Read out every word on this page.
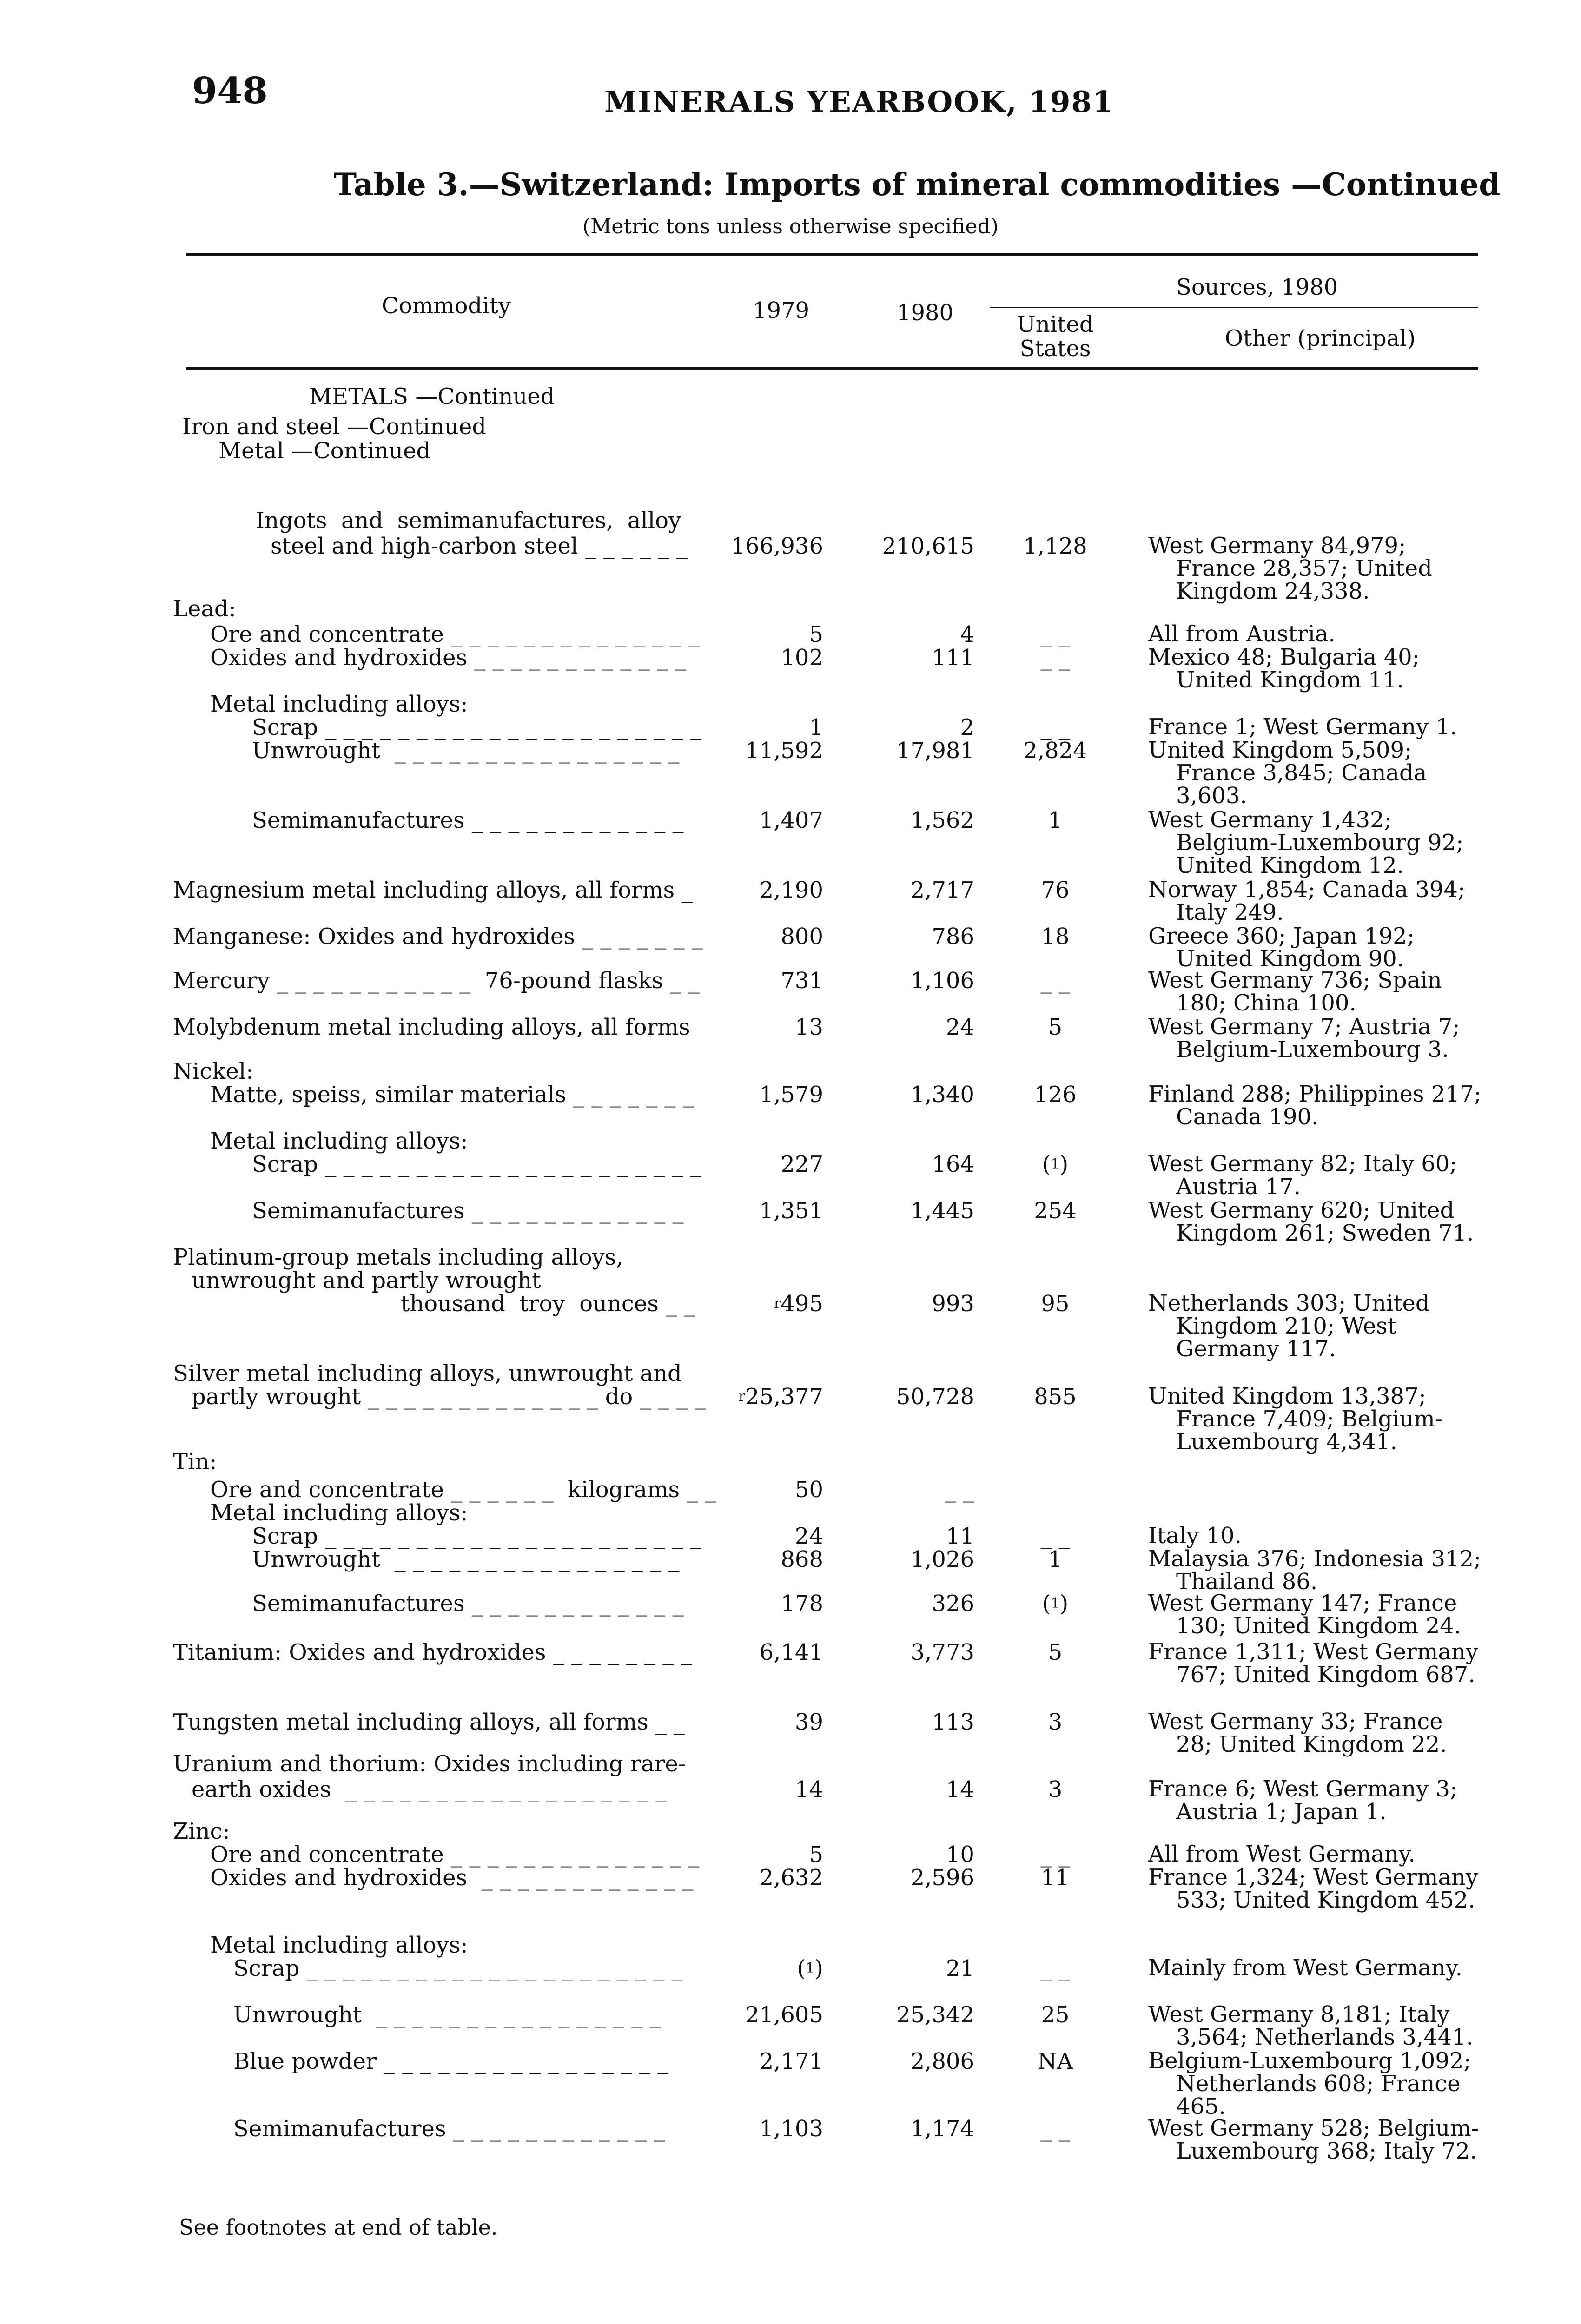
948	MINERALS YEARBOOK, 1981
Table 3.—Switzerland: Imports of mineral commodities —Continued
(Metric tons unless otherwise specified)
Commodity	1979	1980
Sources, 1980
United States	Other (principal)
METALS —Continued
Iron and steel —Continued
Metal —Continued
Ingots  and  semimanufactures,  alloy
steel and high-carbon steel _ _ _ _ _ _ 166,936	210,615	1,128	West Germany 84,979; France 28,357; United Kingdom 24,338.
Lead:
Ore and concentrate _ _ _ _ _ _ _ _ _ _ _ _ _ _	5	4	_ _	All from Austria.
Oxides and hydroxides _ _ _ _ _ _ _ _ _ _ _ _	102	111	_ _	Mexico 48; Bulgaria 40; United Kingdom 11.
Metal including alloys:
Scrap _ _ _ _ _ _ _ _ _ _ _ _ _ _ _ _ _ _ _ _ _	1	2	_ _	France 1; West Germany 1.
Unwrought  _ _ _ _ _ _ _ _ _ _ _ _ _ _ _ _	11,592	17,981	2,824	United Kingdom 5,509; France 3,845; Canada 3,603.
Semimanufactures _ _ _ _ _ _ _ _ _ _ _ _	1,407	1,562	1	West Germany 1,432; Belgium-Luxembourg 92; United Kingdom 12.
Magnesium metal including alloys, all forms _	2,190	2,717	76	Norway 1,854; Canada 394; Italy 249.
Manganese: Oxides and hydroxides _ _ _ _ _ _ _	800	786	18	Greece 360; Japan 192; United Kingdom 90.
Mercury _ _ _ _ _ _ _ _ _ _ _  76-pound flasks _ _	731	1,106	_ _	West Germany 736; Spain 180; China 100.
Molybdenum metal including alloys, all forms	13	24	5	West Germany 7; Austria 7; Belgium-Luxembourg 3.
Nickel:
Matte, speiss, similar materials _ _ _ _ _ _ _	1,579	1,340	126	Finland 288; Philippines 217; Canada 190.
Metal including alloys:
Scrap _ _ _ _ _ _ _ _ _ _ _ _ _ _ _ _ _ _ _ _ _	227	164	($^1$)	West Germany 82; Italy 60; Austria 17.
Semimanufactures _ _ _ _ _ _ _ _ _ _ _ _	1,351	1,445	254	West Germany 620; United Kingdom 261; Sweden 71.
Platinum-group metals including alloys,
unwrought and partly wrought
thousand  troy  ounces _ _	$^r$495	993	95	Netherlands 303; United Kingdom 210; West Germany 117.
Silver metal including alloys, unwrought and
partly wrought _ _ _ _ _ _ _ _ _ _ _ _ _ do _ _ _ _ $^r$25,377	50,728	855	United Kingdom 13,387; France 7,409; Belgium-Luxembourg 4,341.
Tin:
Ore and concentrate _ _ _ _ _ _  kilograms _ _	50	_ _
Metal including alloys:
Scrap _ _ _ _ _ _ _ _ _ _ _ _ _ _ _ _ _ _ _ _ _	24	11	_ _	Italy 10.
Unwrought  _ _ _ _ _ _ _ _ _ _ _ _ _ _ _ _	868	1,026	1	Malaysia 376; Indonesia 312; Thailand 86.
Semimanufactures _ _ _ _ _ _ _ _ _ _ _ _	178	326	($^1$)	West Germany 147; France 130; United Kingdom 24.
Titanium: Oxides and hydroxides _ _ _ _ _ _ _ _	6,141	3,773	5	France 1,311; West Germany 767; United Kingdom 687.
Tungsten metal including alloys, all forms _ _	39	113	3	West Germany 33; France 28; United Kingdom 22.
Uranium and thorium: Oxides including rare-
earth oxides  _ _ _ _ _ _ _ _ _ _ _ _ _ _ _ _ _ _	14	14	3	France 6; West Germany 3; Austria 1; Japan 1.
Zinc:
Ore and concentrate _ _ _ _ _ _ _ _ _ _ _ _ _ _	5	10	_ _	All from West Germany.
Oxides and hydroxides  _ _ _ _ _ _ _ _ _ _ _ _	2,632	2,596	11	France 1,324; West Germany 533; United Kingdom 452.
Metal including alloys:
Scrap _ _ _ _ _ _ _ _ _ _ _ _ _ _ _ _ _ _ _ _ _	($^1$)	21	_ _	Mainly from West Germany.
Unwrought  _ _ _ _ _ _ _ _ _ _ _ _ _ _ _ _	21,605	25,342	25	West Germany 8,181; Italy 3,564; Netherlands 3,441.
Blue powder _ _ _ _ _ _ _ _ _ _ _ _ _ _ _ _	2,171	2,806	NA	Belgium-Luxembourg 1,092; Netherlands 608; France 465.
Semimanufactures _ _ _ _ _ _ _ _ _ _ _ _	1,103	1,174	_ _	West Germany 528; Belgium-Luxembourg 368; Italy 72.
See footnotes at end of table.
